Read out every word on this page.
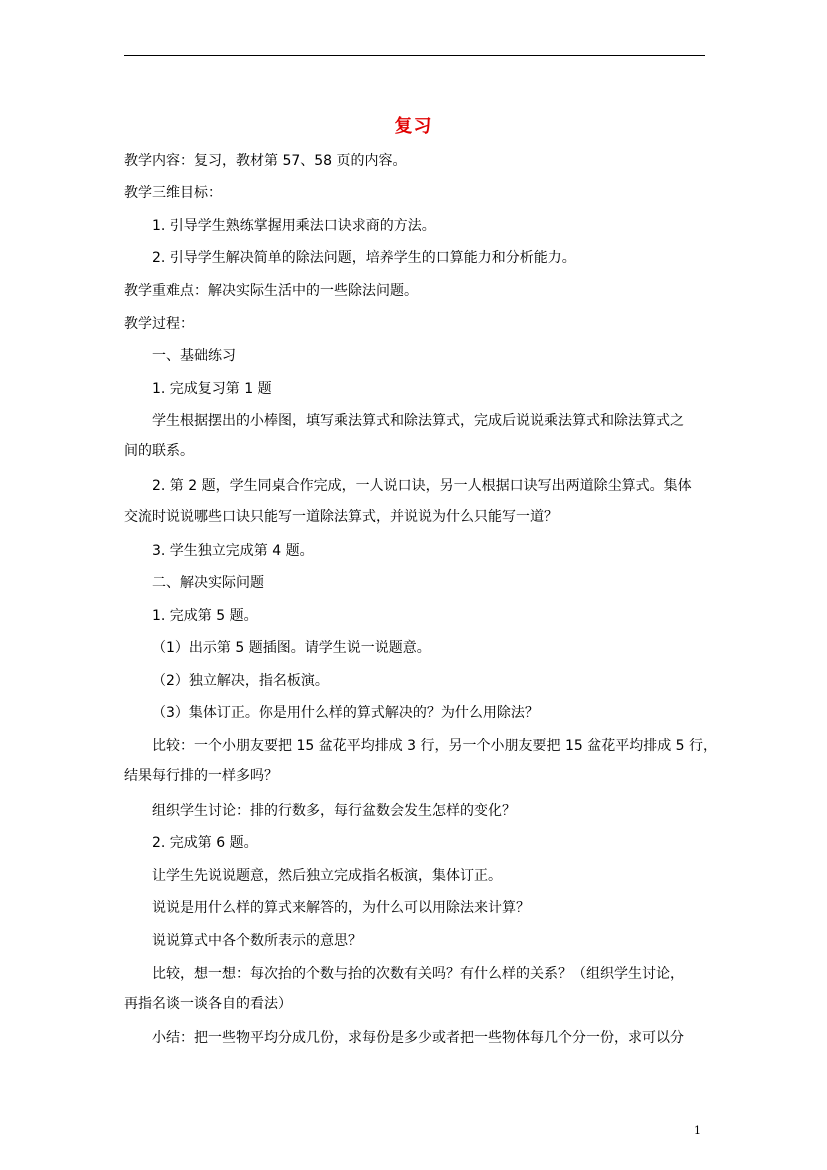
复习
教学内容：复习，教材第 57、58 页的内容。
教学三维目标：
1. 引导学生熟练掌握用乘法口诀求商的方法。
2. 引导学生解决简单的除法问题，培养学生的口算能力和分析能力。
教学重难点：解决实际生活中的一些除法问题。
教学过程：
一、基础练习
1. 完成复习第 1 题
学生根据摆出的小棒图，填写乘法算式和除法算式，完成后说说乘法算式和除法算式之
间的联系。
2. 第 2 题，学生同桌合作完成，一人说口诀，另一人根据口诀写出两道除尘算式。集体
交流时说说哪些口诀只能写一道除法算式，并说说为什么只能写一道？
3. 学生独立完成第 4 题。
二、解决实际问题
1. 完成第 5 题。
（1）出示第 5 题插图。请学生说一说题意。
（2）独立解决，指名板演。
（3）集体订正。你是用什么样的算式解决的？为什么用除法？
比较：一个小朋友要把 15 盆花平均排成 3 行，另一个小朋友要把 15 盆花平均排成 5 行，
结果每行排的一样多吗？
组织学生讨论：排的行数多，每行盆数会发生怎样的变化？
2. 完成第 6 题。
让学生先说说题意，然后独立完成指名板演，集体订正。
说说是用什么样的算式来解答的，为什么可以用除法来计算？
说说算式中各个数所表示的意思？
比较，想一想：每次抬的个数与抬的次数有关吗？有什么样的关系？（组织学生讨论，
再指名谈一谈各自的看法）
小结：把一些物平均分成几份，求每份是多少或者把一些物体每几个分一份，求可以分
1
